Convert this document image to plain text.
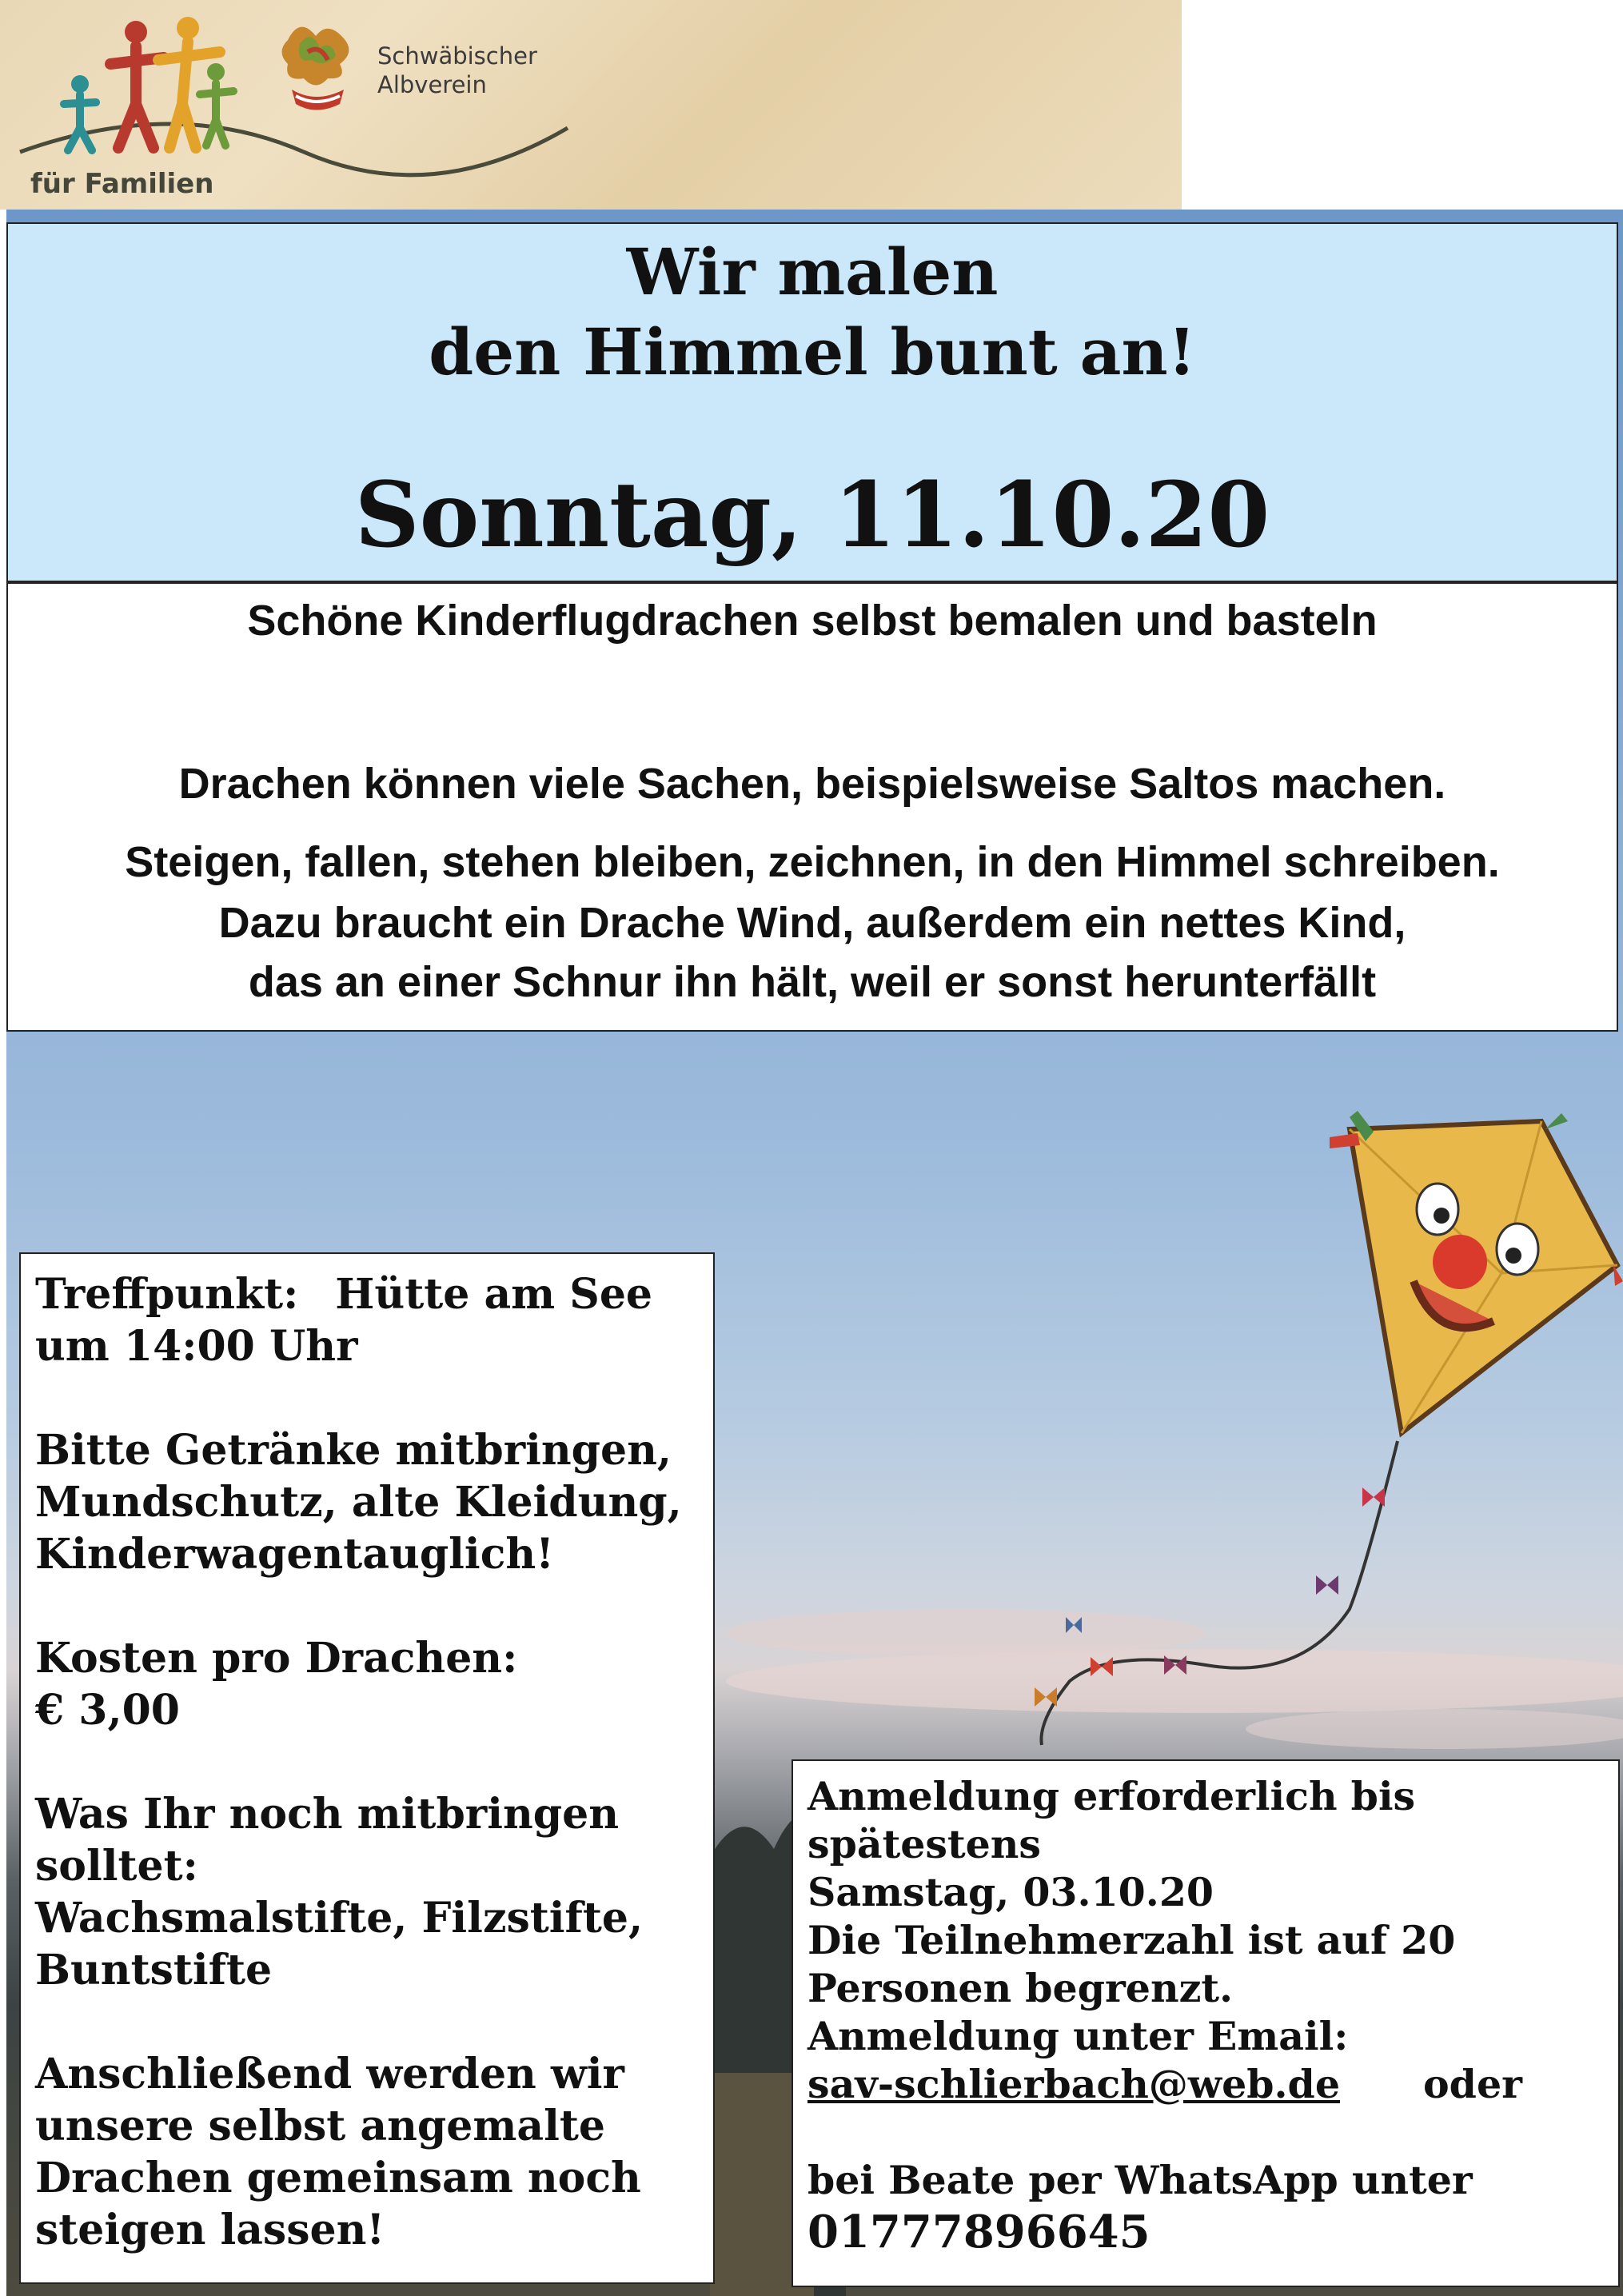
für Familien
Schwäbischer
Albverein
Wir malen
den Himmel bunt an!
Sonntag, 11.10.20
Schöne Kinderflugdrachen selbst bemalen und basteln
Drachen können viele Sachen, beispielsweise Saltos machen.
Steigen, fallen, stehen bleiben, zeichnen, in den Himmel schreiben.
Dazu braucht ein Drache Wind, außerdem ein nettes Kind,
das an einer Schnur ihn hält, weil er sonst herunterfällt

Treffpunkt: Hütte am See

um 14:00 Uhr

Bitte Getränke mitbringen,

Mundschutz, alte Kleidung,

Kinderwagentauglich!

Kosten pro Drachen:

€ 3,00

Was Ihr noch mitbringen

solltet:

Wachsmalstifte, Filzstifte,

Buntstifte

Anschließend werden wir

unsere selbst angemalte

Drachen gemeinsam noch

steigen lassen!

Anmeldung erforderlich bis

spätestens

Samstag, 03.10.20

Die Teilnehmerzahl ist auf 20

Personen begrenzt.

Anmeldung unter Email:

sav-schlierbach@web.de oder

bei Beate per WhatsApp unter

01777896645
